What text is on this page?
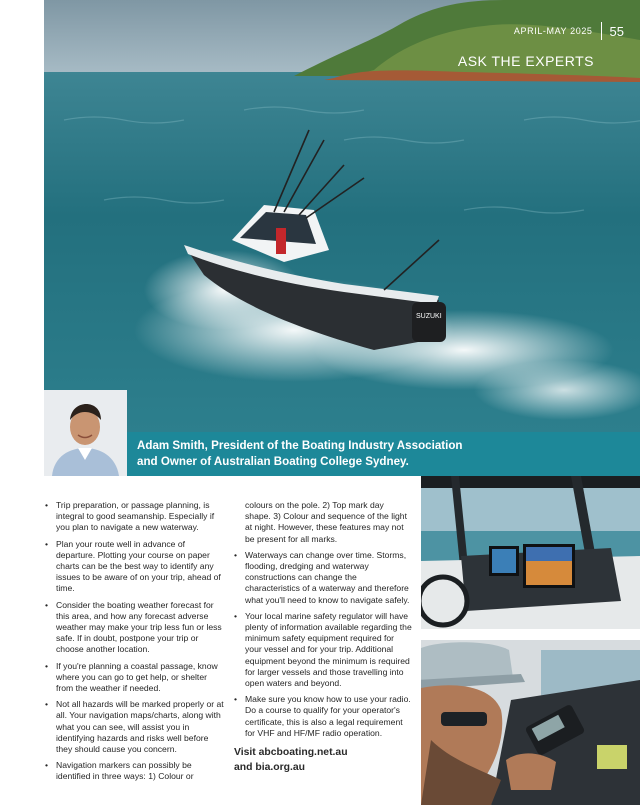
SUZUKI
APRIL-MAY 2025 55
ASK THE EXPERTS
Adam Smith, President of the Boating Industry Association
and Owner of Australian Boating College Sydney.
• Trip preparation, or passage planning, is integral to good seamanship. Especially if you plan to navigate a new waterway.
• Plan your route well in advance of departure. Plotting your course on paper charts can be the best way to identify any issues to be aware of on your trip, ahead of time.
• Consider the boating weather forecast for this area, and how any forecast adverse weather may make your trip less fun or less safe. If in doubt, postpone your trip or choose another location.
• If you're planning a coastal passage, know where you can go to get help, or shelter from the weather if needed.
• Not all hazards will be marked properly or at all. Your navigation maps/charts, along with what you can see, will assist you in identifying hazards and risks well before they should cause you concern.
• Navigation markers can possibly be identified in three ways: 1) Colour or

colours on the pole. 2) Top mark day shape. 3) Colour and sequence of the light at night. However, these features may not be present for all marks.

• Waterways can change over time. Storms, flooding, dredging and waterway constructions can change the characteristics of a waterway and therefore what you'll need to know to navigate safely.
• Your local marine safety regulator will have plenty of information available regarding the minimum safety equipment required for your vessel and for your trip. Additional equipment beyond the minimum is required for larger vessels and those travelling into open waters and beyond.
• Make sure you know how to use your radio. Do a course to qualify for your operator's certificate, this is also a legal requirement for VHF and HF/MF radio operation.
Visit abcboating.net.au
and bia.org.au
